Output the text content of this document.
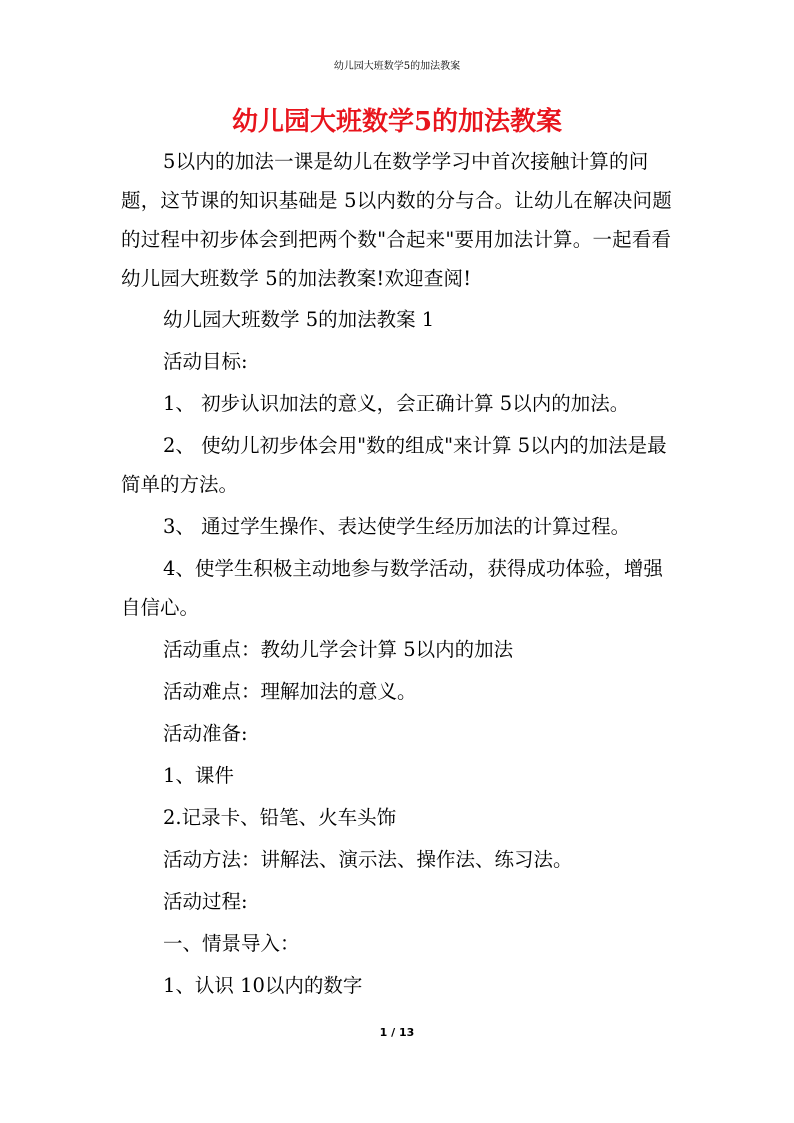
幼儿园大班数学5的加法教案
幼儿园大班数学5的加法教案

5以内的加法一课是幼儿在数学学习中首次接触计算的问题，这节课的知识基础是 5以内数的分与合。让幼儿在解决问题的过程中初步体会到把两个数"合起来"要用加法计算。一起看看幼儿园大班数学 5的加法教案!欢迎查阅!

幼儿园大班数学 5的加法教案 1

活动目标:

1、 初步认识加法的意义，会正确计算 5以内的加法。

2、 使幼儿初步体会用"数的组成"来计算 5以内的加法是最简单的方法。

3、 通过学生操作、表达使学生经历加法的计算过程。

4、使学生积极主动地参与数学活动，获得成功体验，增强自信心。

活动重点：教幼儿学会计算 5以内的加法

活动难点：理解加法的意义。

活动准备:

1、课件

2.记录卡、铅笔、火车头饰

活动方法：讲解法、演示法、操作法、练习法。

活动过程:

一、情景导入：

1、认识 10以内的数字

1 / 13
